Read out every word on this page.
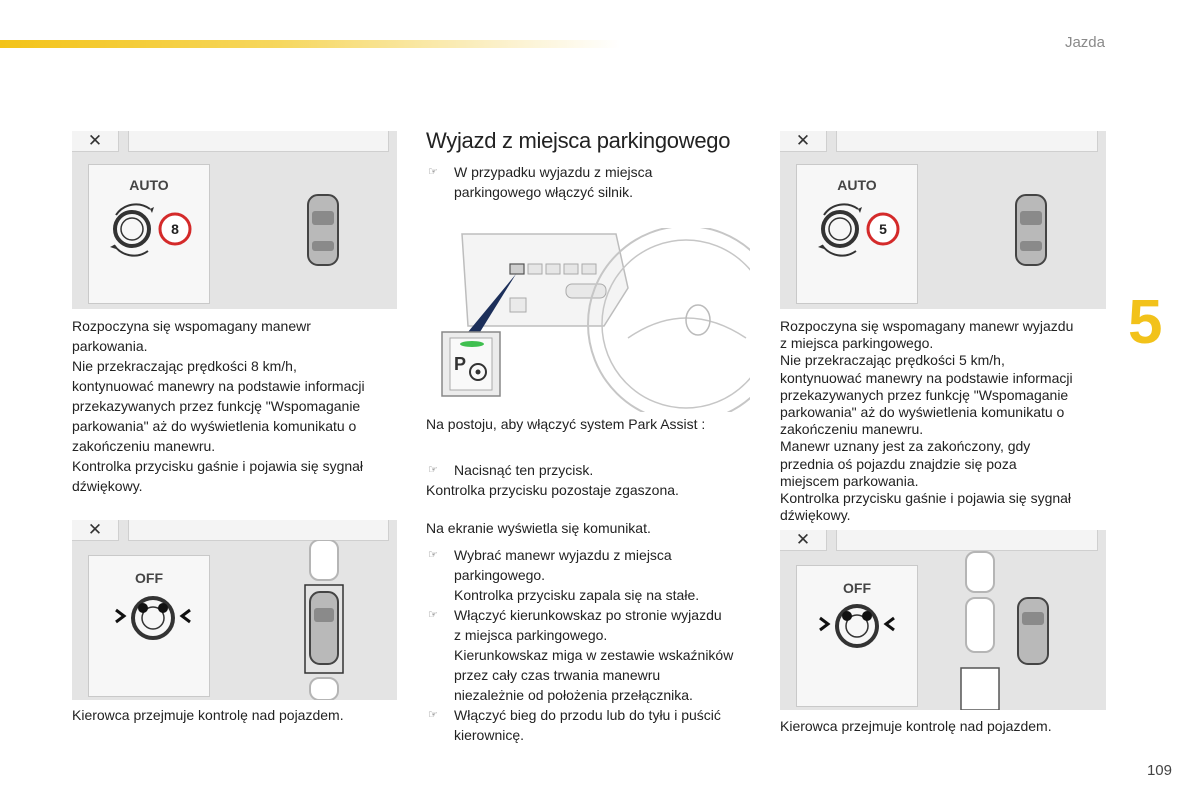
Jazda
5
109
✕
AUTO
8

Rozpoczyna się wspomagany manewr

parkowania.

Nie przekraczając prędkości 8 km/h,

kontynuować manewry na podstawie informacji

przekazywanych przez funkcję "Wspomaganie

parkowania" aż do wyświetlenia komunikatu o

zakończeniu manewru.

Kontrolka przycisku gaśnie i pojawia się sygnał

dźwiękowy.

✕
OFF
Kierowca przejmuje kontrolę nad pojazdem.
Wyjazd z miejsca parkingowego
☞ W przypadku wyjazdu z miejsca

parkingowego włączyć silnik.

P
Na postoju, aby włączyć system Park Assist :
☞ Nacisnąć ten przycisk.

Kontrolka przycisku pozostaje zgaszona.

Na ekranie wyświetla się komunikat.
☞ Wybrać manewr wyjazdu z miejsca

parkingowego.

Kontrolka przycisku zapala się na stałe.

☞ Włączyć kierunkowskaz po stronie wyjazdu

z miejsca parkingowego.

Kierunkowskaz miga w zestawie wskaźników

przez cały czas trwania manewru

niezależnie od położenia przełącznika.

☞ Włączyć bieg do przodu lub do tyłu i puścić

kierownicę.

✕
AUTO
5

Rozpoczyna się wspomagany manewr wyjazdu

z miejsca parkingowego.

Nie przekraczając prędkości 5 km/h,

kontynuować manewry na podstawie informacji

przekazywanych przez funkcję "Wspomaganie

parkowania" aż do wyświetlenia komunikatu o

zakończeniu manewru.

Manewr uznany jest za zakończony, gdy

przednia oś pojazdu znajdzie się poza

miejscem parkowania.

Kontrolka przycisku gaśnie i pojawia się sygnał

dźwiękowy.

✕
OFF
Kierowca przejmuje kontrolę nad pojazdem.
